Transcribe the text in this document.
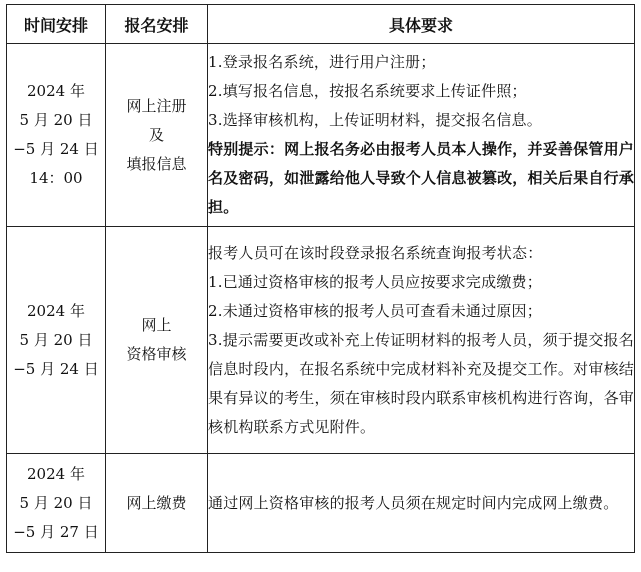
时间安排	报名安排	具体要求

2024 年
5 月 20 日
−5 月 24 日
14：00	网上注册
及
填报信息	1.登录报名系统，进行用户注册；
2.填写报名信息，按报名系统要求上传证件照；
3.选择审核机构，上传证明材料，提交报名信息。
特别提示：网上报名务必由报考人员本人操作，并妥善保管用户名及密码，如泄露给他人导致个人信息被篡改，相关后果自行承担。

2024 年
5 月 20 日
−5 月 24 日	网上
资格审核	报考人员可在该时段登录报名系统查询报考状态：
1.已通过资格审核的报考人员应按要求完成缴费；
2.未通过资格审核的报考人员可查看未通过原因；
3.提示需要更改或补充上传证明材料的报考人员，须于提交报名信息时段内，在报名系统中完成材料补充及提交工作。对审核结果有异议的考生，须在审核时段内联系审核机构进行咨询，各审核机构联系方式见附件。

2024 年
5 月 20 日
−5 月 27 日	网上缴费	通过网上资格审核的报考人员须在规定时间内完成网上缴费。
